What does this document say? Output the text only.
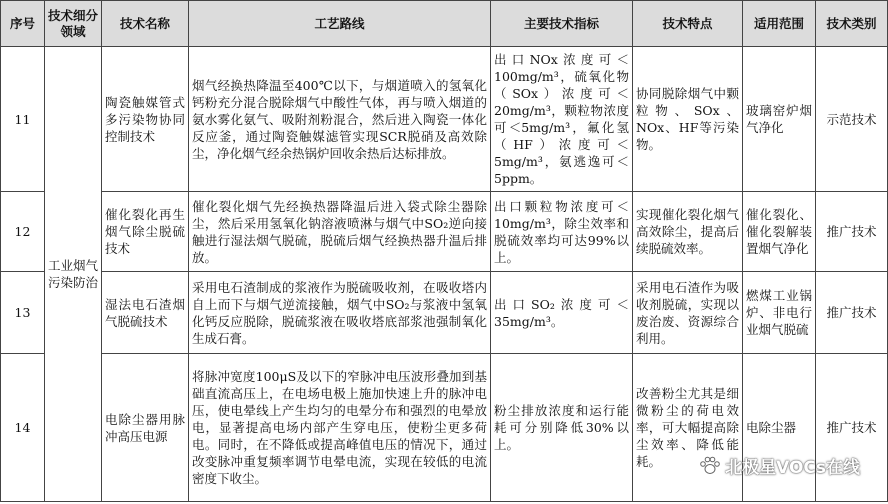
序号	技术细分领域	技术名称	工艺路线	主要技术指标	技术特点	适用范围	技术类别
11	工业烟气污染防治	陶瓷触媒管式多污染物协同控制技术	烟气经换热降温至400℃以下，与烟道喷入的氢氧化钙粉充分混合脱除烟气中酸性气体，再与喷入烟道的氨水雾化氨气、吸附剂粉混合，然后进入陶瓷一体化反应釜，通过陶瓷触媒滤管实现SCR脱硝及高效除尘，净化烟气经余热锅炉回收余热后达标排放。	出口NOx浓度可＜100mg/m³，硫氧化物（SOx）浓度可＜20mg/m³，颗粒物浓度可＜5mg/m³，氟化氢（HF）浓度可＜5mg/m³，氨逃逸可＜5ppm。	协同脱除烟气中颗粒物、SOx、NOx、HF等污染物。	玻璃窑炉烟气净化	示范技术
12		催化裂化再生烟气除尘脱硫技术	催化裂化烟气先经换热器降温后进入袋式除尘器除尘，然后采用氢氧化钠溶液喷淋与烟气中SO₂逆向接触进行湿法烟气脱硫，脱硫后烟气经换热器升温后排放。	出口颗粒物浓度可＜10mg/m³，除尘效率和脱硫效率均可达99%以上。	实现催化裂化烟气高效除尘，提高后续脱硫效率。	催化裂化、催化裂解装置烟气净化	推广技术
13		湿法电石渣烟气脱硫技术	采用电石渣制成的浆液作为脱硫吸收剂，在吸收塔内自上而下与烟气逆流接触，烟气中SO₂与浆液中氢氧化钙反应脱除，脱硫浆液在吸收塔底部浆池强制氧化生成石膏。	出口SO₂浓度可＜35mg/m³。	采用电石渣作为吸收剂脱硫，实现以废治废、资源综合利用。	燃煤工业锅炉、非电行业烟气脱硫	推广技术
14		电除尘器用脉冲高压电源	将脉冲宽度100μS及以下的窄脉冲电压波形叠加到基础直流高压上，在电场电极上施加快速上升的脉冲电压，使电晕线上产生均匀的电晕分布和强烈的电晕放电，显著提高电场内部产生穿电压，使粉尘更多荷电。同时，在不降低或提高峰值电压的情况下，通过改变脉冲重复频率调节电晕电流，实现在较低的电流密度下收尘。	粉尘排放浓度和运行能耗可分别降低30%以上。	改善粉尘尤其是细微粉尘的荷电效率，可大幅提高除尘效率、降低能耗。	电除尘器	推广技术
北极星VOCs在线
